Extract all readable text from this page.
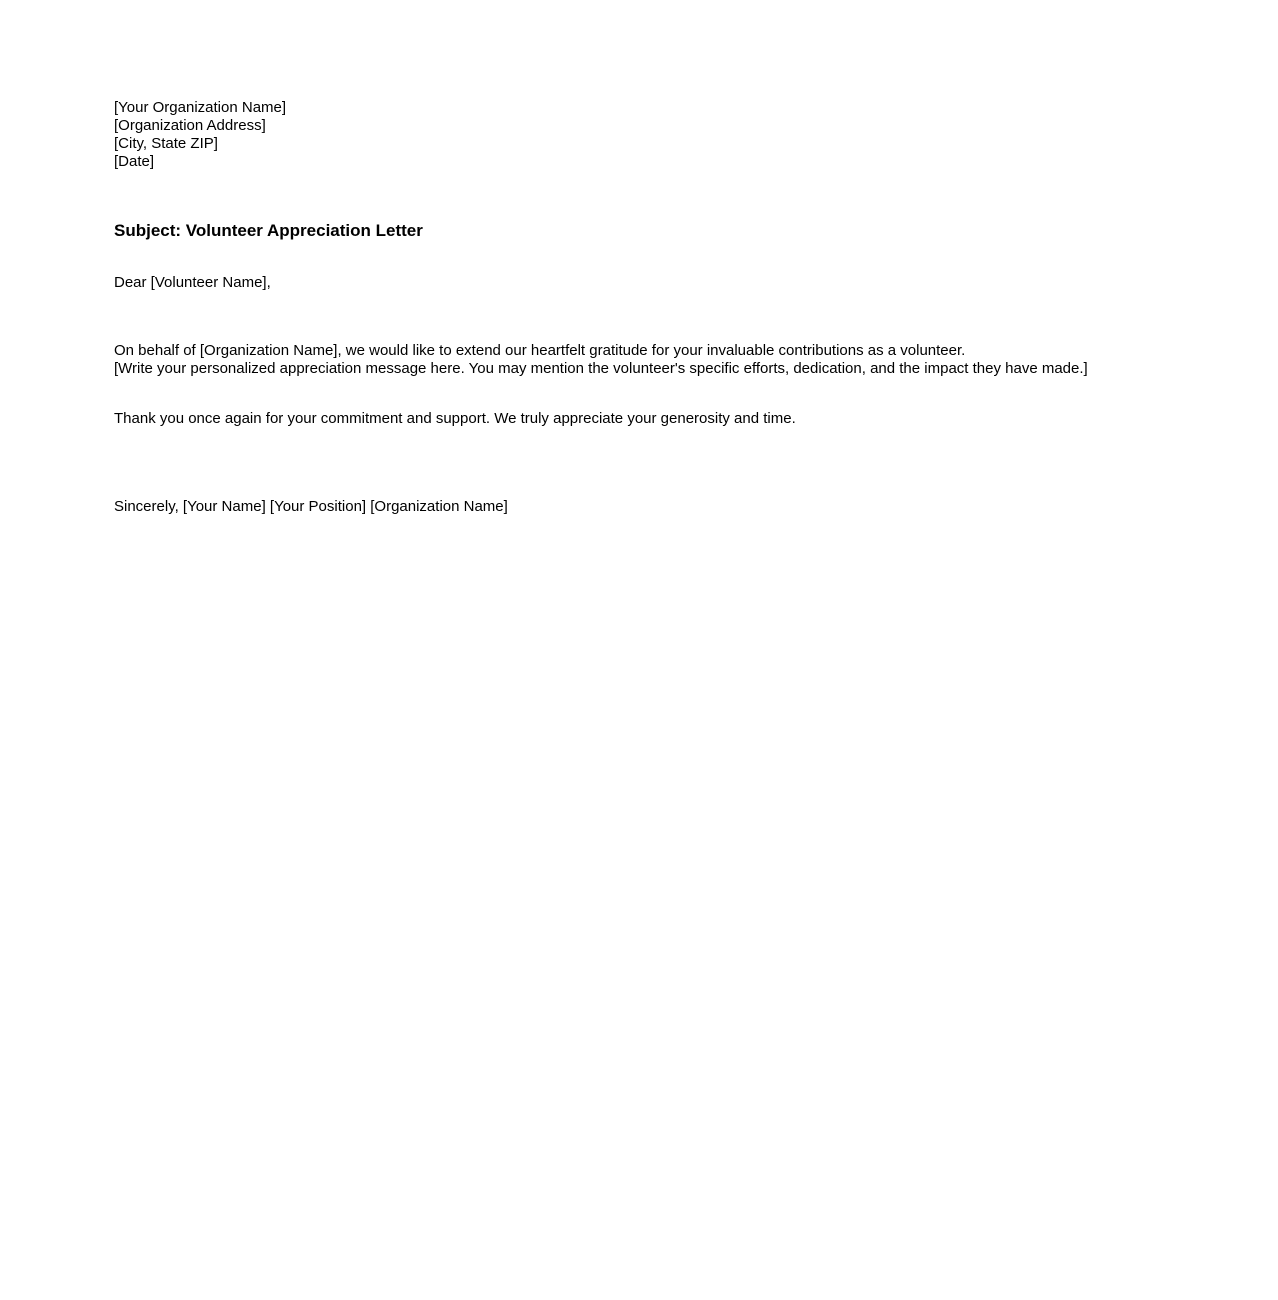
[Your Organization Name]
[Organization Address]
[City, State ZIP]
[Date]
Subject: Volunteer Appreciation Letter
Dear [Volunteer Name],
On behalf of [Organization Name], we would like to extend our heartfelt gratitude for your invaluable contributions as a volunteer.
[Write your personalized appreciation message here. You may mention the volunteer's specific efforts, dedication, and the impact they have made.]
Thank you once again for your commitment and support. We truly appreciate your generosity and time.
Sincerely, [Your Name] [Your Position] [Organization Name]
